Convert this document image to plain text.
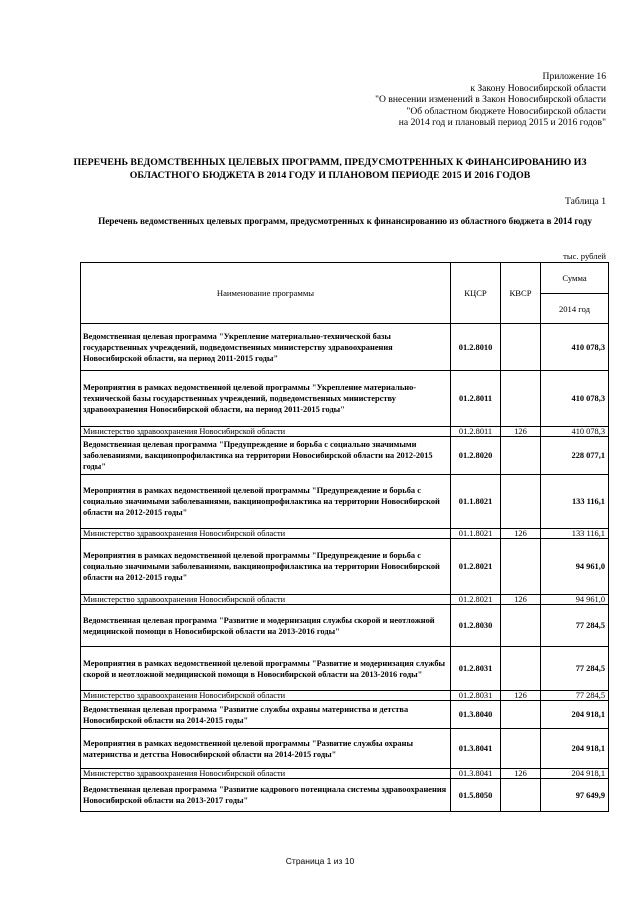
Приложение 16
к Закону Новосибирской области
"О внесении изменений в Закон Новосибирской области
"Об областном бюджете Новосибирской области
на 2014 год и плановый период 2015 и 2016 годов"
ПЕРЕЧЕНЬ ВЕДОМСТВЕННЫХ ЦЕЛЕВЫХ ПРОГРАММ, ПРЕДУСМОТРЕННЫХ К ФИНАНСИРОВАНИЮ ИЗ ОБЛАСТНОГО БЮДЖЕТА В 2014 ГОДУ И ПЛАНОВОМ ПЕРИОДЕ 2015 И 2016 ГОДОВ
Таблица 1
Перечень ведомственных целевых программ, предусмотренных к финансированию из областного бюджета в 2014 году
тыс. рублей
Наименование программы	КЦСР	КВСР	Сумма
			2014 год
Ведомственная целевая программа "Укрепление материально-технической базы государственных учреждений, подведомственных министерству здравоохранения Новосибирской области, на период 2011-2015 годы"	01.2.8010		410 078,3
Мероприятия в рамках ведомственной целевой программы "Укрепление материально-технической базы государственных учреждений, подведомственных министерству здравоохранения Новосибирской области, на период 2011-2015 годы"	01.2.8011		410 078,3
Министерство здравоохранения Новосибирской области	01.2.8011	126	410 078,3
Ведомственная целевая программа "Предупреждение и борьба с социально значимыми заболеваниями, вакцинопрофилактика на территории Новосибирской области на 2012-2015 годы"	01.2.8020		228 077,1
Мероприятия в рамках ведомственной целевой программы "Предупреждение и борьба с социально значимыми заболеваниями, вакцинопрофилактика на территории Новосибирской области на 2012-2015 годы"	01.1.8021		133 116,1
Министерство здравоохранения Новосибирской области	01.1.8021	126	133 116,1
Мероприятия в рамках ведомственной целевой программы "Предупреждение и борьба с социально значимыми заболеваниями, вакцинопрофилактика на территории Новосибирской области на 2012-2015 годы"	01.2.8021		94 961,0
Министерство здравоохранения Новосибирской области	01.2.8021	126	94 961,0
Ведомственная целевая программа "Развитие и модернизация службы скорой и неотложной медицинской помощи в Новосибирской области на 2013-2016 годы"	01.2.8030		77 284,5
Мероприятия в рамках ведомственной целевой программы "Развитие и модернизация службы скорой и неотложной медицинской помощи в Новосибирской области на 2013-2016 годы"	01.2.8031		77 284,5
Министерство здравоохранения Новосибирской области	01.2.8031	126	77 284,5
Ведомственная целевая программа "Развитие службы охраны материнства и детства Новосибирской области на 2014-2015 годы"	01.3.8040		204 918,1
Мероприятия в рамках ведомственной целевой программы "Развитие службы охраны материнства и детства Новосибирской области на 2014-2015 годы"	01.3.8041		204 918,1
Министерство здравоохранения Новосибирской области	01.3.8041	126	204 918,1
Ведомственная целевая программа "Развитие кадрового потенциала системы здравоохранения Новосибирской области на 2013-2017 годы"	01.5.8050		97 649,9
Страница 1 из 10
